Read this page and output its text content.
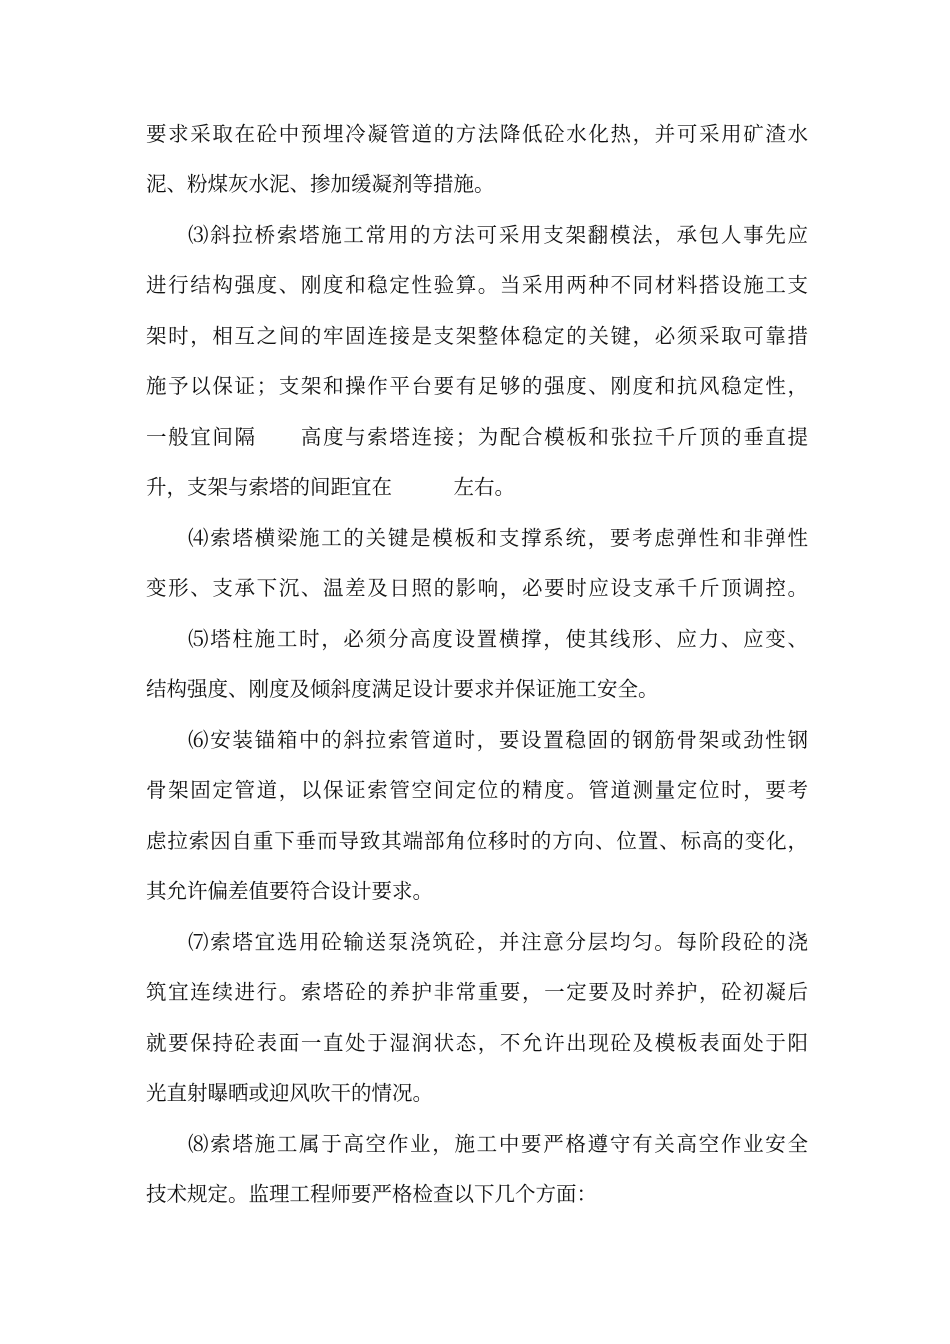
要求采取在砼中预埋冷凝管道的方法降低砼水化热，并可采用矿渣水
泥、粉煤灰水泥、掺加缓凝剂等措施。
⑶斜拉桥索塔施工常用的方法可采用支架翻模法，承包人事先应
进行结构强度、刚度和稳定性验算。当采用两种不同材料搭设施工支
架时，相互之间的牢固连接是支架整体稳定的关键，必须采取可靠措
施予以保证；支架和操作平台要有足够的强度、刚度和抗风稳定性，
一般宜间隔　　高度与索塔连接；为配合模板和张拉千斤顶的垂直提
升，支架与索塔的间距宜在　　　左右。
⑷索塔横梁施工的关键是模板和支撑系统，要考虑弹性和非弹性
变形、支承下沉、温差及日照的影响，必要时应设支承千斤顶调控。
⑸塔柱施工时，必须分高度设置横撑，使其线形、应力、应变、
结构强度、刚度及倾斜度满足设计要求并保证施工安全。
⑹安装锚箱中的斜拉索管道时，要设置稳固的钢筋骨架或劲性钢
骨架固定管道，以保证索管空间定位的精度。管道测量定位时，要考
虑拉索因自重下垂而导致其端部角位移时的方向、位置、标高的变化，
其允许偏差值要符合设计要求。
⑺索塔宜选用砼输送泵浇筑砼，并注意分层均匀。每阶段砼的浇
筑宜连续进行。索塔砼的养护非常重要，一定要及时养护，砼初凝后
就要保持砼表面一直处于湿润状态，不允许出现砼及模板表面处于阳
光直射曝晒或迎风吹干的情况。
⑻索塔施工属于高空作业，施工中要严格遵守有关高空作业安全
技术规定。监理工程师要严格检查以下几个方面：
